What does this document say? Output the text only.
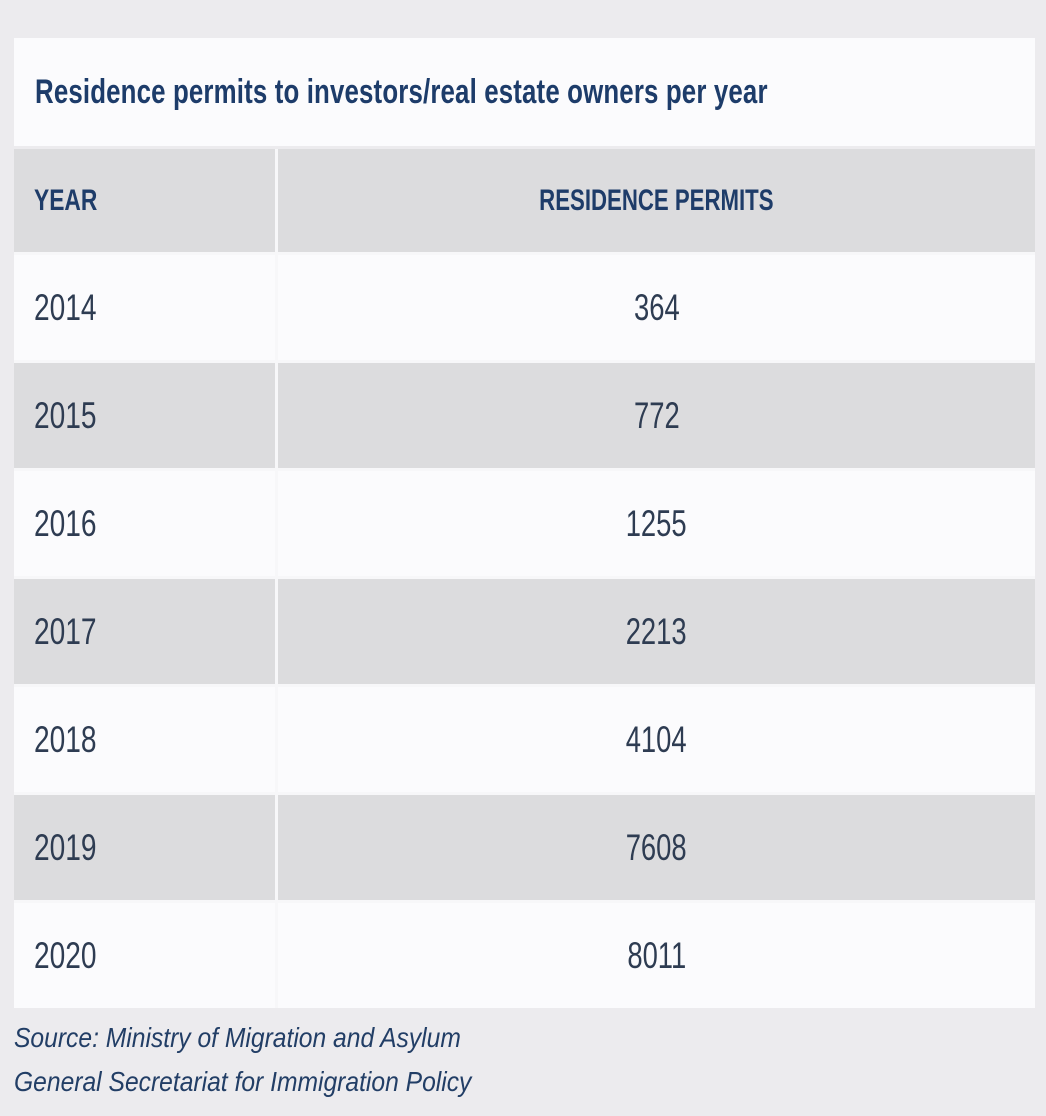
Residence permits to investors/real estate owners per year
YEAR	RESIDENCE PERMITS
2014	364
2015	772
2016	1255
2017	2213
2018	4104
2019	7608
2020	8011
Source: Ministry of Migration and Asylum
General Secretariat for Immigration Policy
